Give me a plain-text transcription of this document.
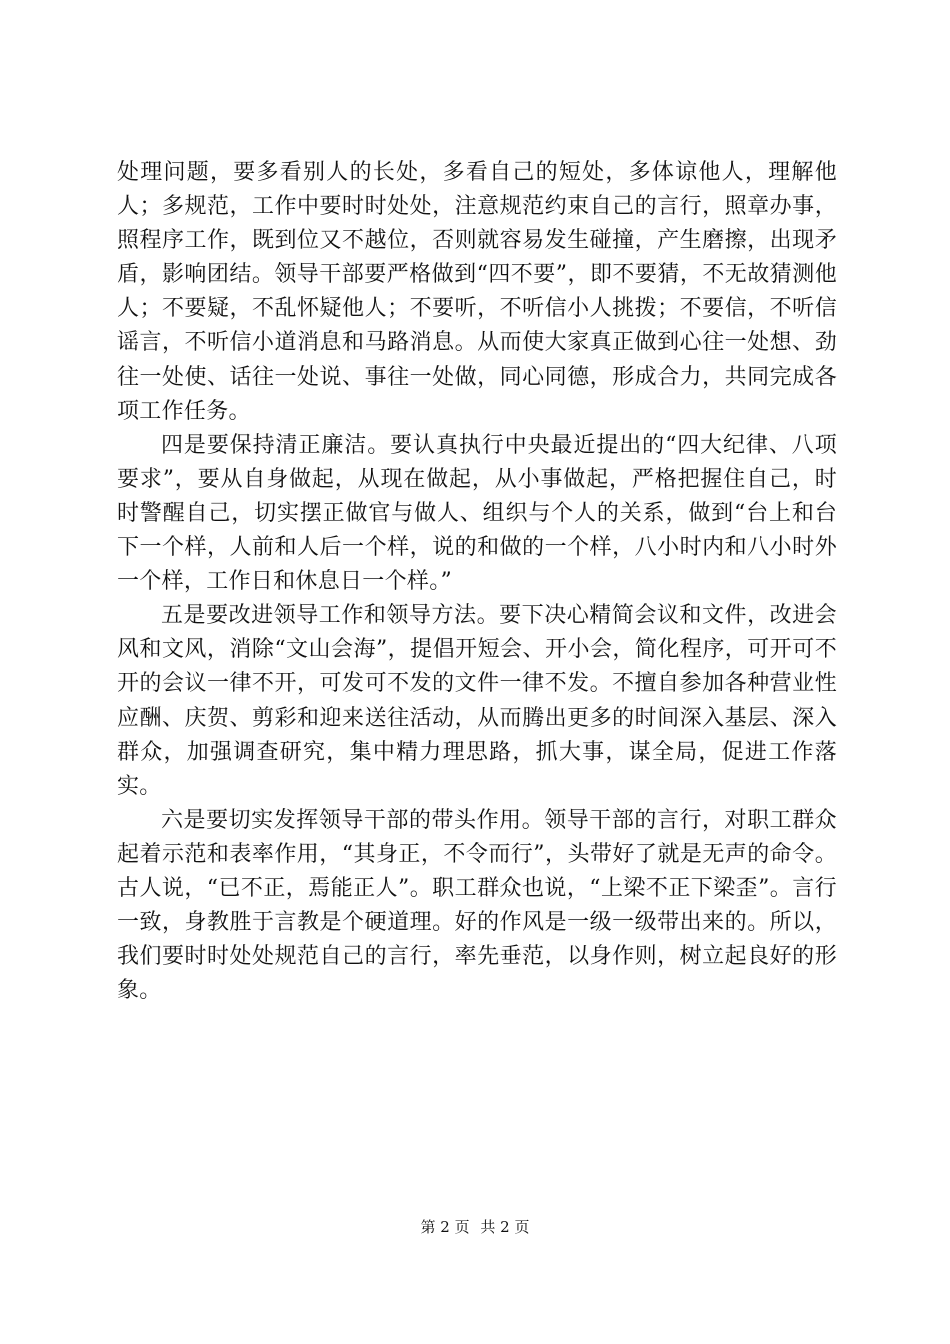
处理问题，要多看别人的长处，多看自己的短处，多体谅他人，理解他人；多规范，工作中要时时处处，注意规范约束自己的言行，照章办事，照程序工作，既到位又不越位，否则就容易发生碰撞，产生磨擦，出现矛盾，影响团结。领导干部要严格做到“四不要”，即不要猜，不无故猜测他人；不要疑，不乱怀疑他人；不要听，不听信小人挑拨；不要信，不听信谣言，不听信小道消息和马路消息。从而使大家真正做到心往一处想、劲往一处使、话往一处说、事往一处做，同心同德，形成合力，共同完成各项工作任务。

四是要保持清正廉洁。要认真执行中央最近提出的“四大纪律、八项要求”，要从自身做起，从现在做起，从小事做起，严格把握住自己，时时警醒自己，切实摆正做官与做人、组织与个人的关系，做到“台上和台下一个样，人前和人后一个样，说的和做的一个样，八小时内和八小时外一个样，工作日和休息日一个样。”

五是要改进领导工作和领导方法。要下决心精简会议和文件，改进会风和文风，消除“文山会海”，提倡开短会、开小会，简化程序，可开可不开的会议一律不开，可发可不发的文件一律不发。不擅自参加各种营业性应酬、庆贺、剪彩和迎来送往活动，从而腾出更多的时间深入基层、深入群众，加强调查研究，集中精力理思路，抓大事，谋全局，促进工作落实。

六是要切实发挥领导干部的带头作用。领导干部的言行，对职工群众起着示范和表率作用，“其身正，不令而行”，头带好了就是无声的命令。古人说，“已不正，焉能正人”。职工群众也说，“上梁不正下梁歪”。言行一致，身教胜于言教是个硬道理。好的作风是一级一级带出来的。所以，我们要时时处处规范自己的言行，率先垂范，以身作则，树立起良好的形象。

第 2 页 共 2 页
